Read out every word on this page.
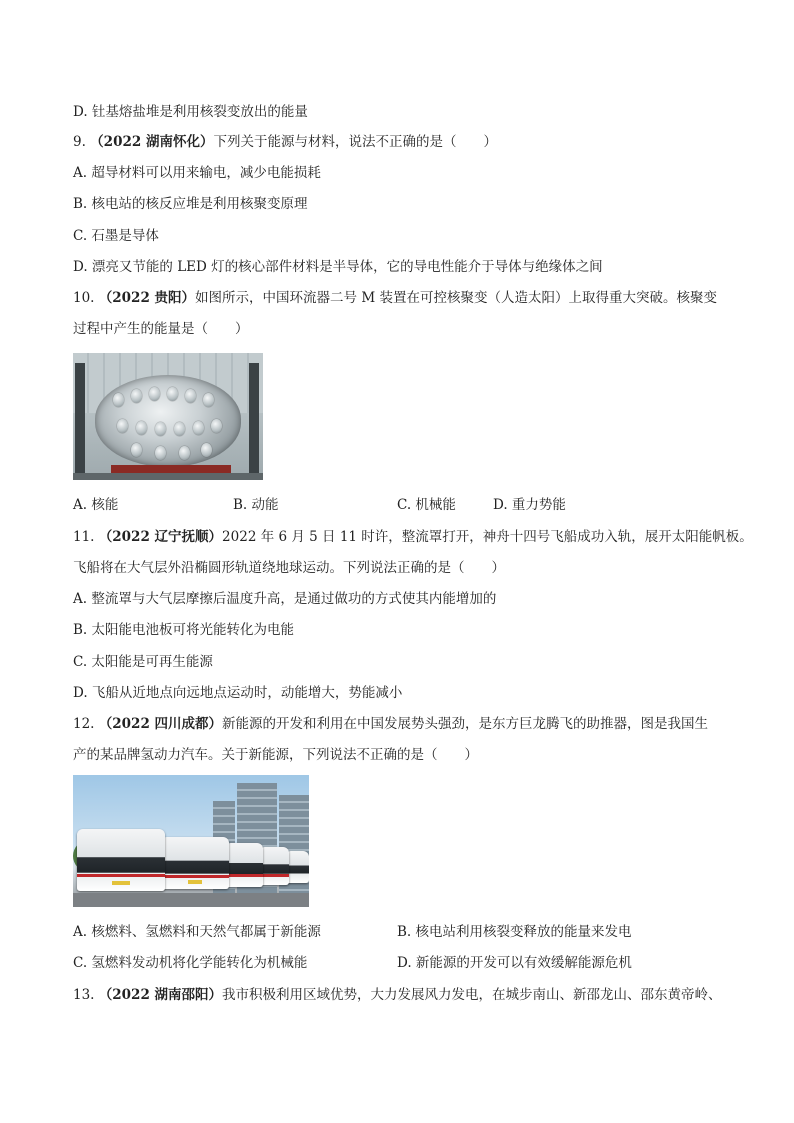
D. 钍基熔盐堆是利用核裂变放出的能量
9. （2022 湖南怀化）下列关于能源与材料，说法不正确的是（　　）
A. 超导材料可以用来输电，减少电能损耗
B. 核电站的核反应堆是利用核聚变原理
C. 石墨是导体
D. 漂亮又节能的 LED 灯的核心部件材料是半导体，它的导电性能介于导体与绝缘体之间
10. （2022 贵阳）如图所示，中国环流器二号 M 装置在可控核聚变（人造太阳）上取得重大突破。核聚变
过程中产生的能量是（　　）
A. 核能	B. 动能	C. 机械能	D. 重力势能
11. （2022 辽宁抚顺）2022 年 6 月 5 日 11 时许，整流罩打开，神舟十四号飞船成功入轨，展开太阳能帆板。
飞船将在大气层外沿椭圆形轨道绕地球运动。下列说法正确的是（　　）
A. 整流罩与大气层摩擦后温度升高，是通过做功的方式使其内能增加的
B. 太阳能电池板可将光能转化为电能
C. 太阳能是可再生能源
D. 飞船从近地点向远地点运动时，动能增大，势能减小
12. （2022 四川成都）新能源的开发和利用在中国发展势头强劲，是东方巨龙腾飞的助推器，图是我国生
产的某品牌氢动力汽车。关于新能源，下列说法不正确的是（　　）
A. 核燃料、氢燃料和天然气都属于新能源	B. 核电站利用核裂变释放的能量来发电
C. 氢燃料发动机将化学能转化为机械能	D. 新能源的开发可以有效缓解能源危机
13. （2022 湖南邵阳）我市积极利用区域优势，大力发展风力发电，在城步南山、新邵龙山、邵东黄帝岭、
